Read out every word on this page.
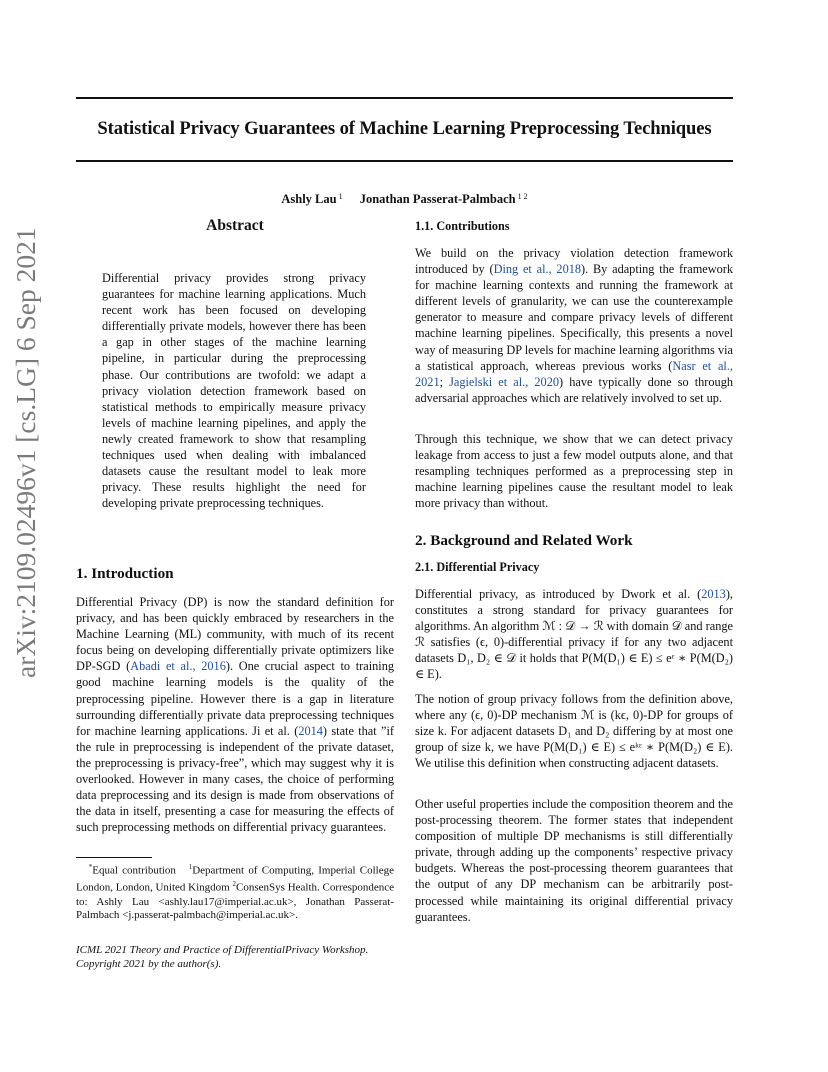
Statistical Privacy Guarantees of Machine Learning Preprocessing Techniques
Ashly Lau $^1$ Jonathan Passerat-Palmbach $^{1 2}$
arXiv:2109.02496v1 [cs.LG] 6 Sep 2021
Abstract

Differential privacy provides strong privacy guarantees for machine learning applications. Much recent work has been focused on developing differentially private models, however there has been a gap in other stages of the machine learning pipeline, in particular during the preprocessing phase. Our contributions are twofold: we adapt a privacy violation detection framework based on statistical methods to empirically measure privacy levels of machine learning pipelines, and apply the newly created framework to show that resampling techniques used when dealing with imbalanced datasets cause the resultant model to leak more privacy. These results highlight the need for developing private preprocessing techniques.

1. Introduction

Differential Privacy (DP) is now the standard definition for privacy, and has been quickly embraced by researchers in the Machine Learning (ML) community, with much of its recent focus being on developing differentially private optimizers like DP-SGD (Abadi et al., 2016). One crucial aspect to training good machine learning models is the quality of the preprocessing pipeline. However there is a gap in literature surrounding differentially private data preprocessing techniques for machine learning applications. Ji et al. (2014) state that ”if the rule in preprocessing is independent of the private dataset, the preprocessing is privacy-free”, which may suggest why it is overlooked. However in many cases, the choice of performing data preprocessing and its design is made from observations of the data in itself, presenting a case for measuring the effects of such preprocessing methods on differential privacy guarantees.

*Equal contribution $^1$Department of Computing, Imperial College London, London, United Kingdom $^2$ConsenSys Health. Correspondence to: Ashly Lau <ashly.lau17@imperial.ac.uk>, Jonathan Passerat-Palmbach <j.passerat-palmbach@imperial.ac.uk>.

ICML 2021 Theory and Practice of DifferentialPrivacy Workshop.
Copyright 2021 by the author(s).
1.1. Contributions

We build on the privacy violation detection framework introduced by (Ding et al., 2018). By adapting the framework for machine learning contexts and running the framework at different levels of granularity, we can use the counterexample generator to measure and compare privacy levels of different machine learning pipelines. Specifically, this presents a novel way of measuring DP levels for machine learning algorithms via a statistical approach, whereas previous works (Nasr et al., 2021; Jagielski et al., 2020) have typically done so through adversarial approaches which are relatively involved to set up.

Through this technique, we show that we can detect privacy leakage from access to just a few model outputs alone, and that resampling techniques performed as a preprocessing step in machine learning pipelines cause the resultant model to leak more privacy than without.

2. Background and Related Work
2.1. Differential Privacy

Differential privacy, as introduced by Dwork et al. (2013), constitutes a strong standard for privacy guarantees for algorithms. An algorithm ℳ : 𝒟 → ℛ with domain 𝒟 and range ℛ satisfies (ϵ, 0)-differential privacy if for any two adjacent datasets D₁, D₂ ∈ 𝒟 it holds that P(M(D₁) ∈ E) ≤ eᵋ ∗ P(M(D₂) ∈ E).

The notion of group privacy follows from the definition above, where any (ϵ, 0)-DP mechanism ℳ is (kϵ, 0)-DP for groups of size k. For adjacent datasets D₁ and D₂ differing by at most one group of size k, we have P(M(D₁) ∈ E) ≤ eᵏᵋ ∗ P(M(D₂) ∈ E). We utilise this definition when constructing adjacent datasets.

Other useful properties include the composition theorem and the post-processing theorem. The former states that independent composition of multiple DP mechanisms is still differentially private, through adding up the components’ respective privacy budgets. Whereas the post-processing theorem guarantees that the output of any DP mechanism can be arbitrarily post-processed while maintaining its original differential privacy guarantees.
